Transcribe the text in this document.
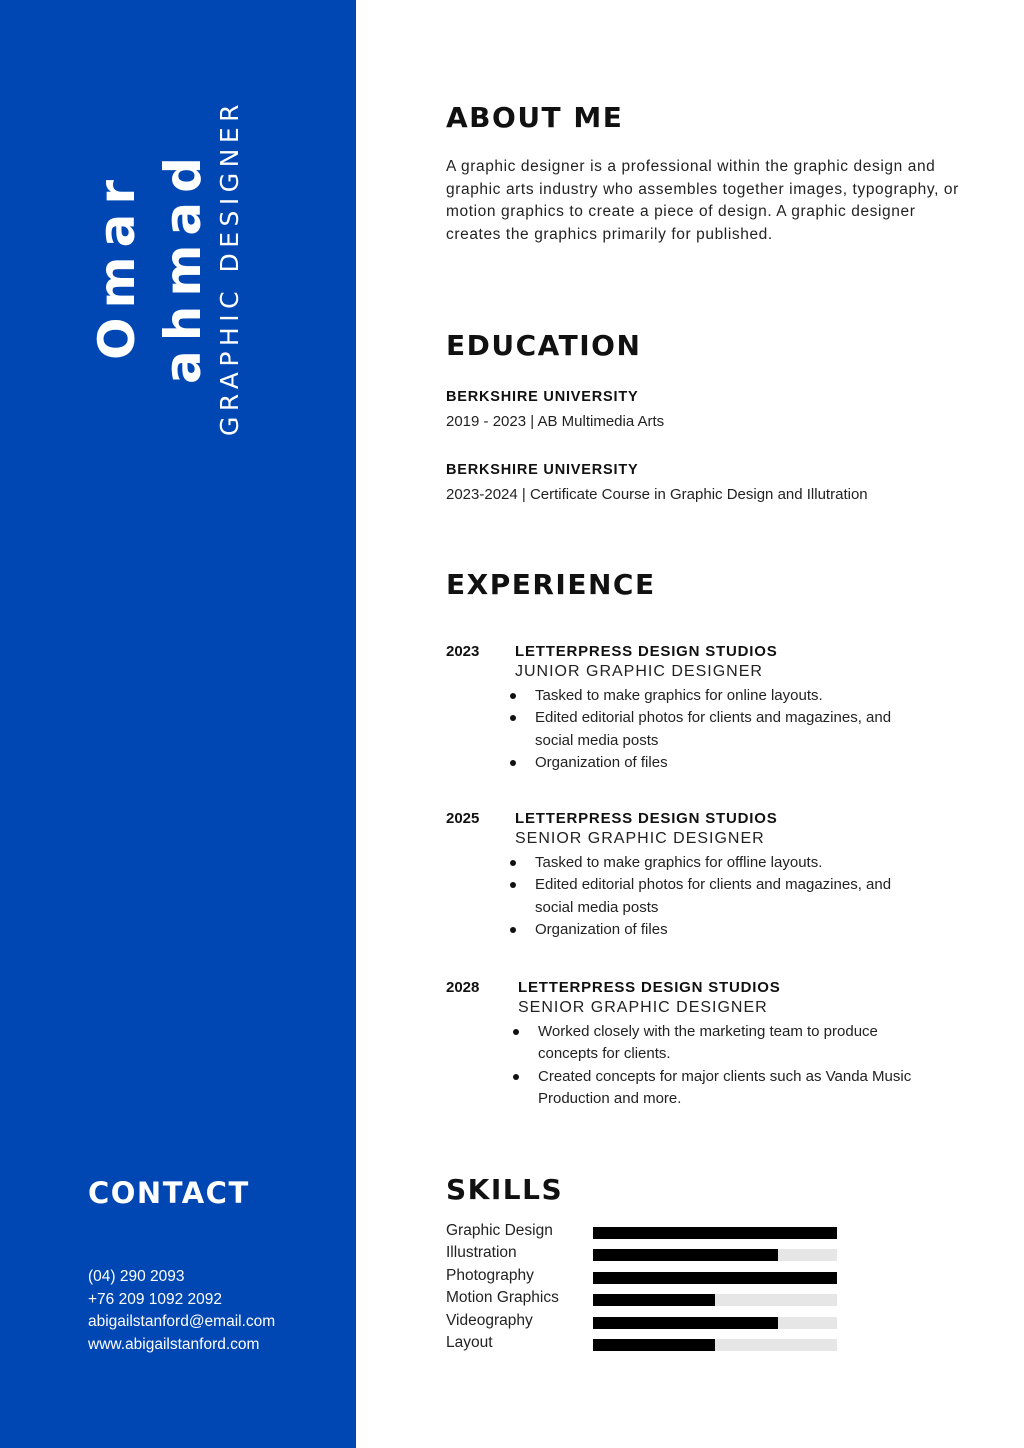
Omar ahmad GRAPHIC DESIGNER
CONTACT
(04) 290 2093
+76 209 1092 2092
abigailstanford@email.com
www.abigailstanford.com
ABOUT ME
A graphic designer is a professional within the graphic design and graphic arts industry who assembles together images, typography, or motion graphics to create a piece of design. A graphic designer creates the graphics primarily for published.
EDUCATION
BERKSHIRE UNIVERSITY
2019 - 2023 | AB Multimedia Arts
BERKSHIRE UNIVERSITY
2023-2024 | Certificate Course in Graphic Design and Illutration
EXPERIENCE
2023 LETTERPRESS DESIGN STUDIOS
JUNIOR GRAPHIC DESIGNER
Tasked to make graphics for online layouts.
Edited editorial photos for clients and magazines, and social media posts
Organization of files
2025 LETTERPRESS DESIGN STUDIOS
SENIOR GRAPHIC DESIGNER
Tasked to make graphics for offline layouts.
Edited editorial photos for clients and magazines, and social media posts
Organization of files
2028	LETTERPRESS DESIGN STUDIOS
SENIOR GRAPHIC DESIGNER
Worked closely with the marketing team to produce concepts for clients.
Created concepts for major clients such as Vanda Music Production and more.
SKILLS
Graphic Design
Illustration
Photography
Motion Graphics
Videography
Layout
